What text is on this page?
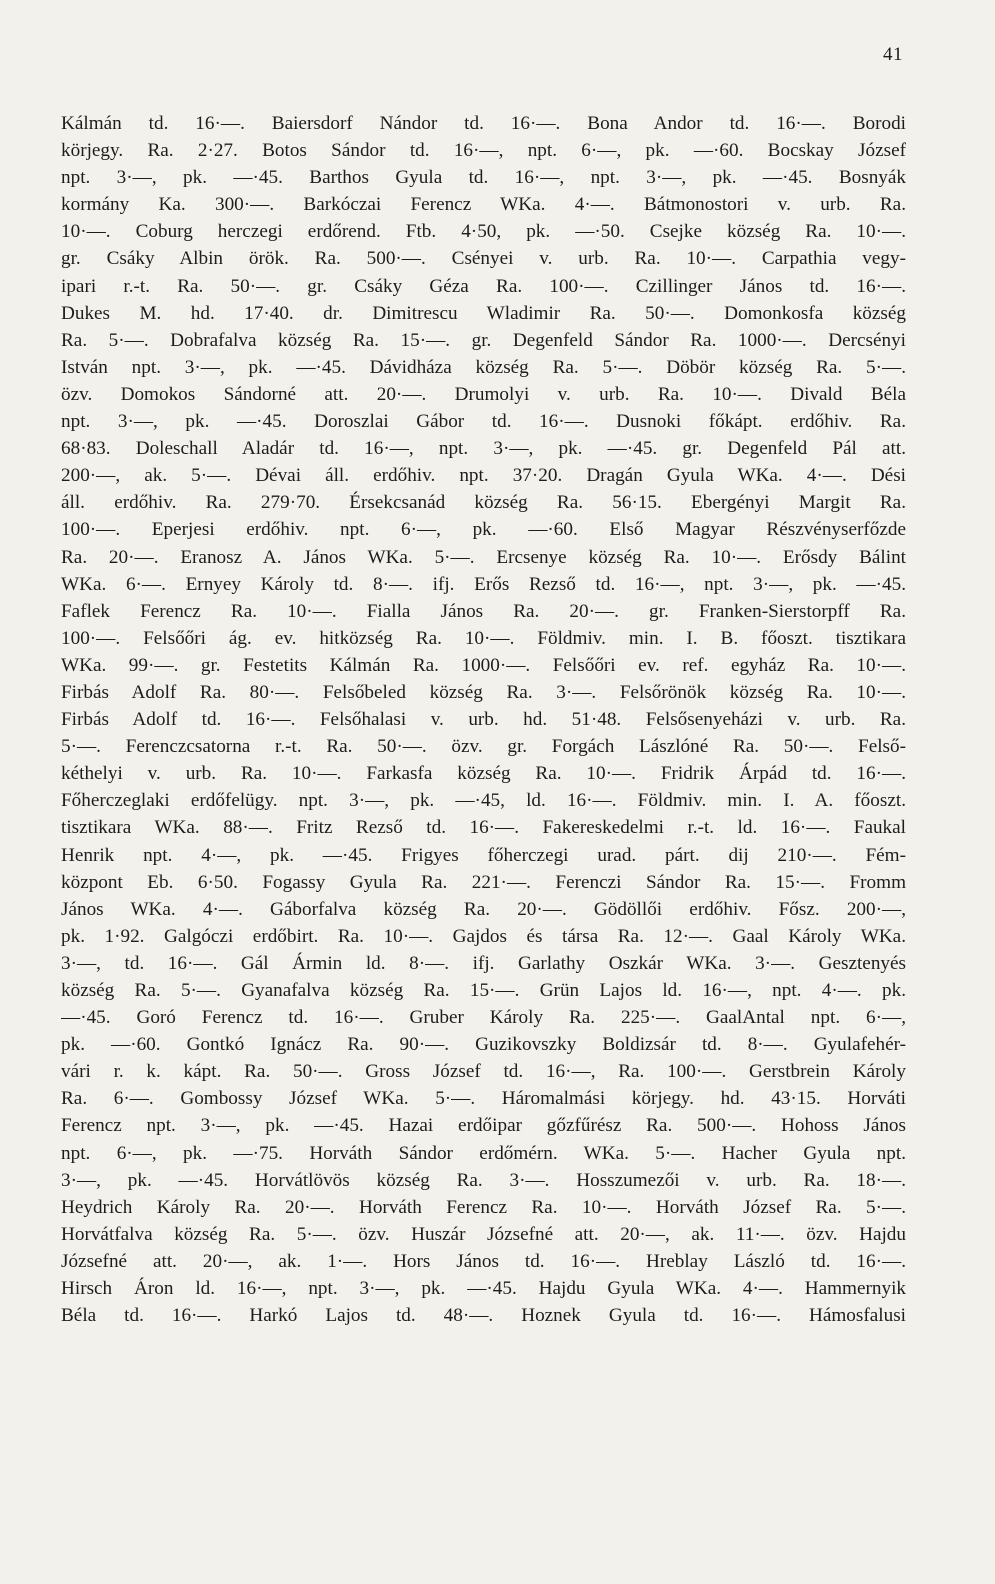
41
Kálmán td. 16·—. Baiersdorf Nándor td. 16·—. Bona Andor td. 16·—. Borodi
körjegy. Ra. 2·27. Botos Sándor td. 16·—, npt. 6·—, pk. —·60. Bocskay József
npt. 3·—, pk. —·45. Barthos Gyula td. 16·—, npt. 3·—, pk. —·45. Bosnyák
kormány Ka. 300·—. Barkóczai Ferencz WKa. 4·—. Bátmonostori v. urb. Ra.
10·—. Coburg herczegi erdőrend. Ftb. 4·50, pk. —·50. Csejke község Ra. 10·—.
gr. Csáky Albin örök. Ra. 500·—. Csényei v. urb. Ra. 10·—. Carpathia vegy-
ipari r.-t. Ra. 50·—. gr. Csáky Géza Ra. 100·—. Czillinger János td. 16·—.
Dukes M. hd. 17·40. dr. Dimitrescu Wladimir Ra. 50·—. Domonkosfa község
Ra. 5·—. Dobrafalva község Ra. 15·—. gr. Degenfeld Sándor Ra. 1000·—. Dercsényi
István npt. 3·—, pk. —·45. Dávidháza község Ra. 5·—. Döbör község Ra. 5·—.
özv. Domokos Sándorné att. 20·—. Drumolyi v. urb. Ra. 10·—. Divald Béla
npt. 3·—, pk. —·45. Doroszlai Gábor td. 16·—. Dusnoki főkápt. erdőhiv. Ra.
68·83. Doleschall Aladár td. 16·—, npt. 3·—, pk. —·45. gr. Degenfeld Pál att.
200·—, ak. 5·—. Dévai áll. erdőhiv. npt. 37·20. Dragán Gyula WKa. 4·—. Dési
áll. erdőhiv. Ra. 279·70. Érsekcsanád község Ra. 56·15. Ebergényi Margit Ra.
100·—. Eperjesi erdőhiv. npt. 6·—, pk. —·60. Első Magyar Részvényserfőzde
Ra. 20·—. Eranosz A. János WKa. 5·—. Ercsenye község Ra. 10·—. Erősdy Bálint
WKa. 6·—. Ernyey Károly td. 8·—. ifj. Erős Rezső td. 16·—, npt. 3·—, pk. —·45.
Faflek Ferencz Ra. 10·—. Fialla János Ra. 20·—. gr. Franken-Sierstorpff Ra.
100·—. Felsőőri ág. ev. hitközség Ra. 10·—. Földmiv. min. I. B. főoszt. tisztikara
WKa. 99·—. gr. Festetits Kálmán Ra. 1000·—. Felsőőri ev. ref. egyház Ra. 10·—.
Firbás Adolf Ra. 80·—. Felsőbeled község Ra. 3·—. Felsőrönök község Ra. 10·—.
Firbás Adolf td. 16·—. Felsőhalasi v. urb. hd. 51·48. Felsősenyeházi v. urb. Ra.
5·—. Ferenczcsatorna r.-t. Ra. 50·—. özv. gr. Forgách Lászlóné Ra. 50·—. Felső-
kéthelyi v. urb. Ra. 10·—. Farkasfa község Ra. 10·—. Fridrik Árpád td. 16·—.
Főherczeglaki erdőfelügy. npt. 3·—, pk. —·45, ld. 16·—. Földmiv. min. I. A. főoszt.
tisztikara WKa. 88·—. Fritz Rezső td. 16·—. Fakereskedelmi r.-t. ld. 16·—. Faukal
Henrik npt. 4·—, pk. —·45. Frigyes főherczegi urad. párt. dij 210·—. Fém-
központ Eb. 6·50. Fogassy Gyula Ra. 221·—. Ferenczi Sándor Ra. 15·—. Fromm
János WKa. 4·—. Gáborfalva község Ra. 20·—. Gödöllői erdőhiv. Fősz. 200·—,
pk. 1·92. Galgóczi erdőbirt. Ra. 10·—. Gajdos és társa Ra. 12·—. Gaal Károly WKa.
3·—, td. 16·—. Gál Ármin ld. 8·—. ifj. Garlathy Oszkár WKa. 3·—. Gesztenyés
község Ra. 5·—. Gyanafalva község Ra. 15·—. Grün Lajos ld. 16·—, npt. 4·—. pk.
—·45. Goró Ferencz td. 16·—. Gruber Károly Ra. 225·—. GaalAntal npt. 6·—,
pk. —·60. Gontkó Ignácz Ra. 90·—. Guzikovszky Boldizsár td. 8·—. Gyulafehér-
vári r. k. kápt. Ra. 50·—. Gross József td. 16·—, Ra. 100·—. Gerstbrein Károly
Ra. 6·—. Gombossy József WKa. 5·—. Háromalmási körjegy. hd. 43·15. Horváti
Ferencz npt. 3·—, pk. —·45. Hazai erdőipar gőzfűrész Ra. 500·—. Hohoss János
npt. 6·—, pk. —·75. Horváth Sándor erdőmérn. WKa. 5·—. Hacher Gyula npt.
3·—, pk. —·45. Horvátlövös község Ra. 3·—. Hosszumezői v. urb. Ra. 18·—.
Heydrich Károly Ra. 20·—. Horváth Ferencz Ra. 10·—. Horváth József Ra. 5·—.
Horvátfalva község Ra. 5·—. özv. Huszár Józsefné att. 20·—, ak. 11·—. özv. Hajdu
Józsefné att. 20·—, ak. 1·—. Hors János td. 16·—. Hreblay László td. 16·—.
Hirsch Áron ld. 16·—, npt. 3·—, pk. —·45. Hajdu Gyula WKa. 4·—. Hammernyik
Béla td. 16·—. Harkó Lajos td. 48·—. Hoznek Gyula td. 16·—. Hámosfalusi
